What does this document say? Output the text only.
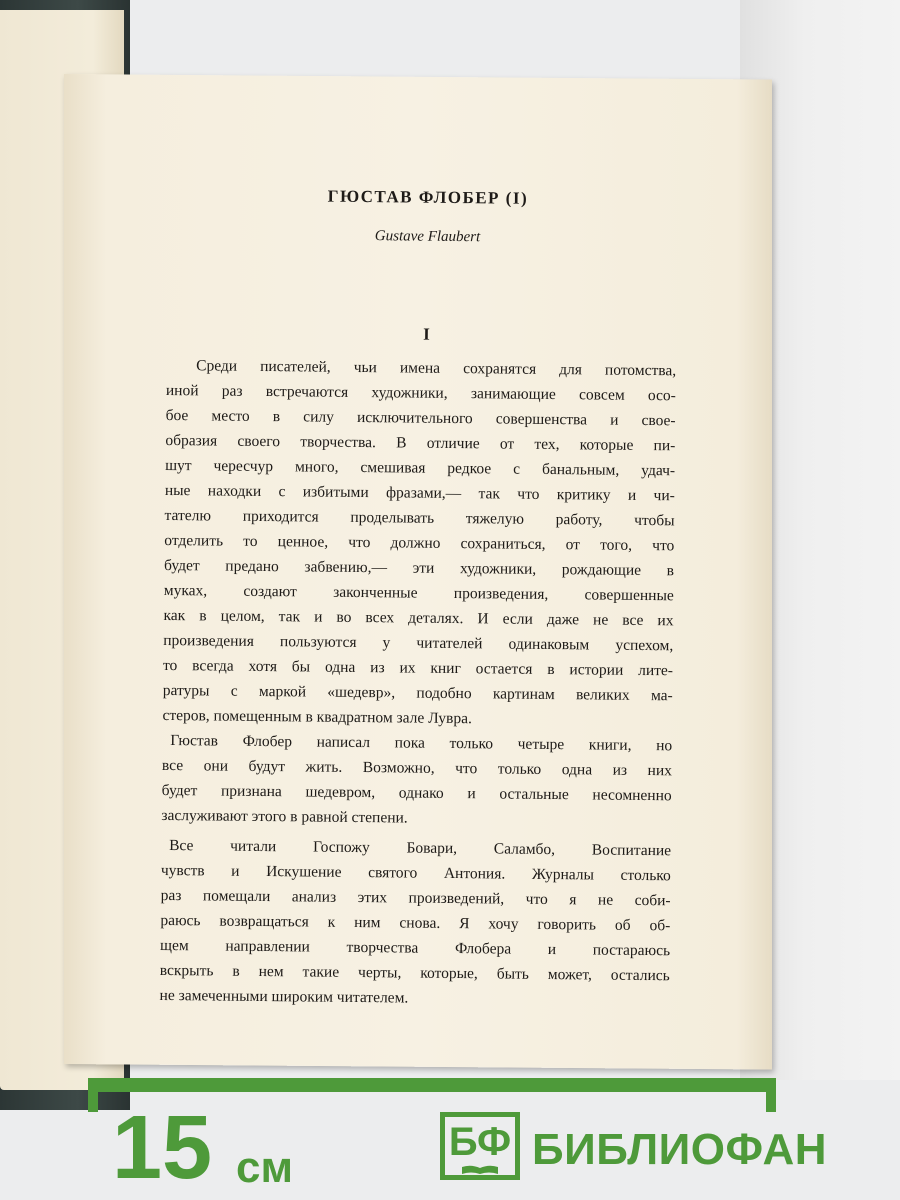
ГЮСТАВ ФЛОБЕР (I)

Gustave Flaubert

I

Среди писателей, чьи имена сохранятся для потомства,
иной раз встречаются художники, занимающие совсем осо-
бое место в силу исключительного совершенства и свое-
образия своего творчества. В отличие от тех, которые пи-
шут чересчур много, смешивая редкое с банальным, удач-
ные находки с избитыми фразами,— так что критику и чи-
тателю приходится проделывать тяжелую работу, чтобы
отделить то ценное, что должно сохраниться, от того, что
будет предано забвению,— эти художники, рождающие в
муках, создают законченные произведения, совершенные
как в целом, так и во всех деталях. И если даже не все их
произведения пользуются у читателей одинаковым успехом,
то всегда хотя бы одна из их книг остается в истории лите-
ратуры с маркой «шедевр», подобно картинам великих ма-
стеров, помещенным в квадратном зале Лувра.
Гюстав Флобер написал пока только четыре книги, но
все они будут жить. Возможно, что только одна из них
будет признана шедевром, однако и остальные несомненно
заслуживают этого в равной степени.
Все читали Госпожу Бовари, Саламбо, Воспитание
чувств и Искушение святого Антония. Журналы столько
раз помещали анализ этих произведений, что я не соби-
раюсь возвращаться к ним снова. Я хочу говорить об об-
щем направлении творчества Флобера и постараюсь
вскрыть в нем такие черты, которые, быть может, остались
не замеченными широким читателем.

15 см
БФ БИБЛИОФАН
